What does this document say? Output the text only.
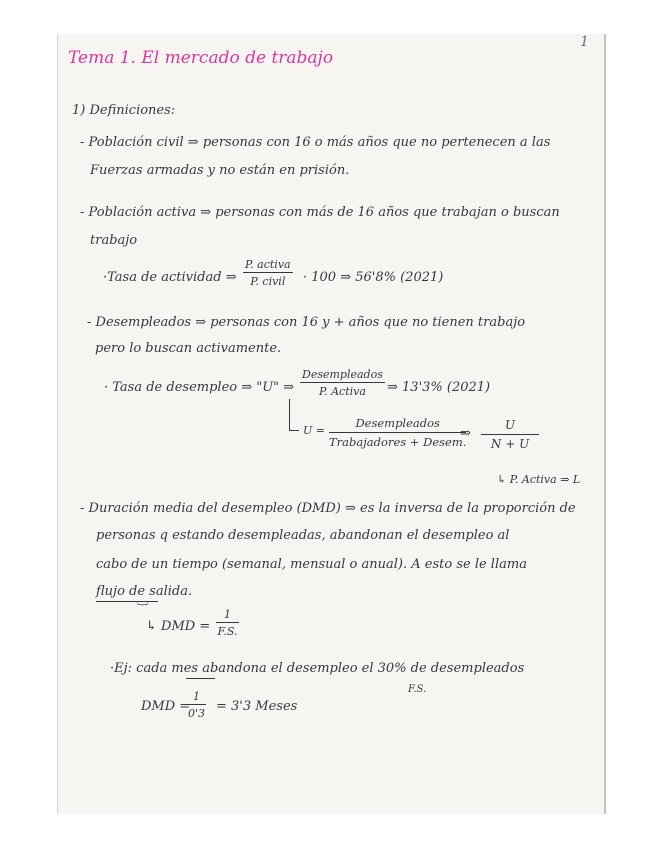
Tema 1. El mercado de trabajo
1
1) Definiciones:
- Población civil ⇒ personas con 16 o más años que no pertenecen a las
Fuerzas armadas y no están en prisión.
- Población activa ⇒ personas con más de 16 años que trabajan o buscan
trabajo
·Tasa de actividad ⇒
P. activa
P. civil	· 100 ⇒ 56'8% (2021)
- Desempleados ⇒ personas con 16 y + años que no tienen trabajo
pero lo buscan activamente.
· Tasa de desempleo ⇒ "U" ⇒
Desempleados
P. Activa	⇒ 13'3% (2021)
U =
Desempleados
Trabajadores + Desem.
⇒ $\frac{U}{N + U}$
↳ P. Activa ⇒ L
- Duración media del desempleo (DMD) ⇒ es la inversa de la proporción de
personas q estando desempleadas, abandonan el desempleo al
cabo de un tiempo (semanal, mensual o anual). A esto se le llama
flujo de salida.
︸
↳ DMD = $\frac{1}{F.S.}$
·Ej: cada mes abandona el desempleo el 30% de desempleados
F.S.
DMD =
$\frac{1}{0'3} = 3'3$ Meses
